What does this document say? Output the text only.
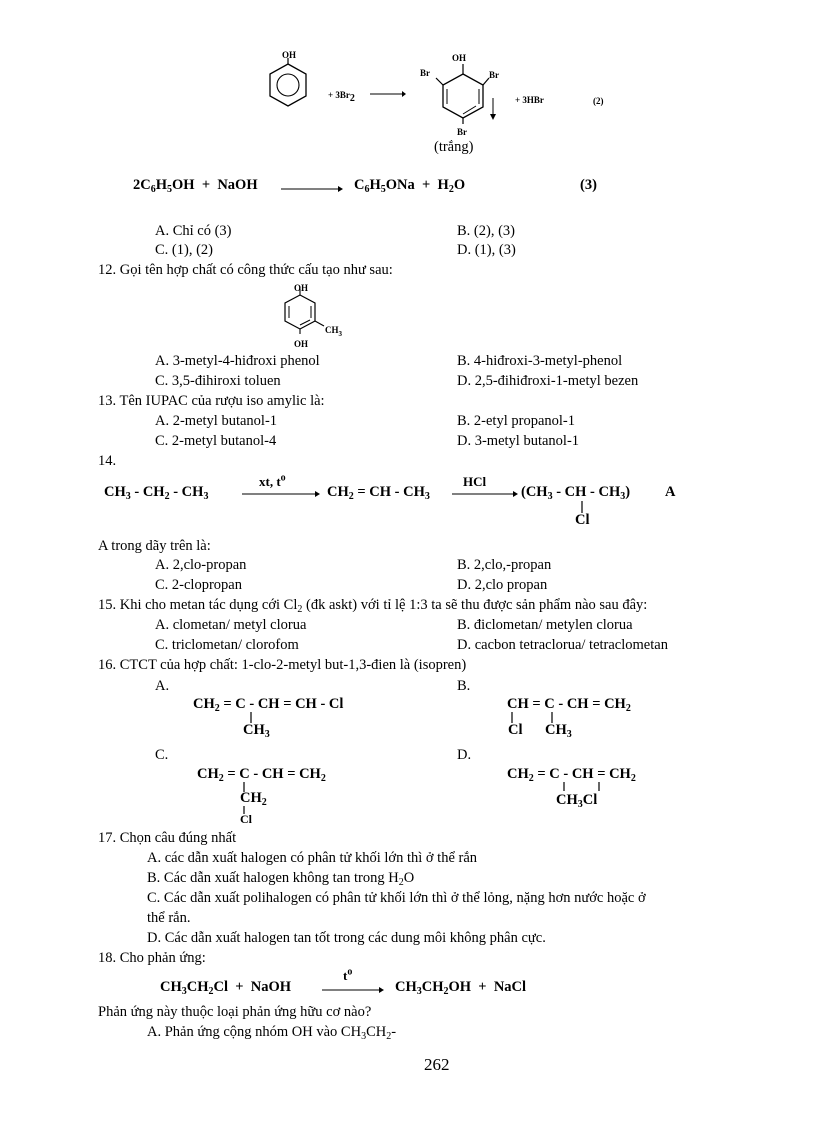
OH
+ $3Br_2$ →
OH
Br	Br
Br
+ 3HBr	(2)
(trắng)
$2C_6H_5OH$  +  NaOH → $C_6H_5ONa + H_2O$	(3)
A. Chỉ có (3)	B. (2), (3)
C. (1), (2)	D. (1), (3)
12. Gọi tên hợp chất có công thức cấu tạo như sau:
OH
$CH_3$
OH
A. 3-metyl-4-hiđroxi phenol	B. 4-hiđroxi-3-metyl-phenol
C. 3,5-đihiroxi toluen	D. 2,5-đihiđroxi-1-metyl bezen
13. Tên IUPAC của rượu iso amylic là:
A. 2-metyl butanol-1	B. 2-etyl propanol-1
C. 2-metyl butanol-4	D. 3-metyl butanol-1
14.
$CH_3 - CH_2 - CH_3$
xt, $t^o$
$CH_2$ = CH - $CH_3$
HCl
($CH_3$ - CH - $CH_3$) A
Cl
A trong dãy trên là:
A. 2,clo-propan	B. 2,clo,-propan
C. 2-clopropan	D. 2,clo propan
15. Khi cho metan tác dụng cới $Cl_2$ (đk askt) với tỉ lệ 1:3 ta sẽ thu được sản phẩm nào sau đây:
A. clometan/ metyl clorua	B. điclometan/ metylen clorua
C. triclometan/ clorofom	D. cacbon tetraclorua/ tetraclometan
16. CTCT của hợp chất: 1-clo-2-metyl but-1,3-đien là (isopren)
A.	B.
$CH_2 = C$ - CH = CH - Cl
$CH_3$
CH = C - CH = $CH_2$
Cl $CH_3$
C.	D.
$CH_2 = C$ - CH = $CH_2$
$CH_2$
Cl
$CH_2 = C$ - CH = $CH_2$
$CH_3Cl$
17. Chọn câu đúng nhất
A. các dẫn xuất halogen có phân tử khối lớn thì ở thể rắn
B. Các dẫn xuất halogen không tan trong $H_2O$
C. Các dẫn xuất polihalogen có phân tử khối lớn thì ở thể lỏng, nặng hơn nước hoặc ở
thể rắn.
D. Các dẫn xuất halogen tan tốt trong các dung môi không phân cực.
18. Cho phản ứng:
$CH_3CH_2Cl$  +  NaOH
$t^o$
→ $CH_3CH_2OH$  +  NaCl
Phản ứng này thuộc loại phản ứng hữu cơ nào?
A. Phản ứng cộng nhóm OH vào $CH_3CH_2-$
262
